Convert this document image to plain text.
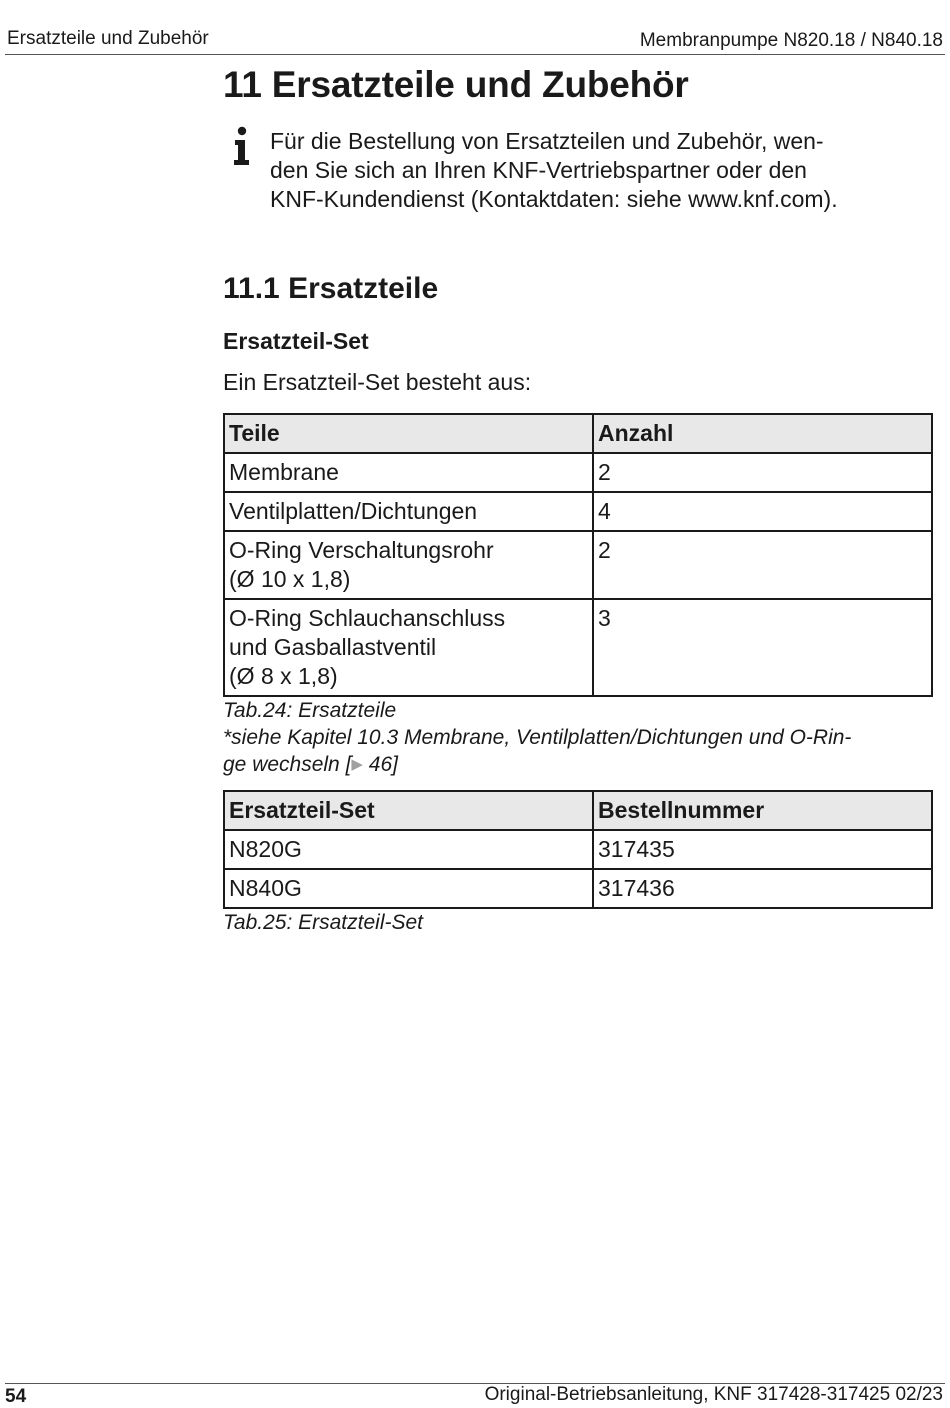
Ersatzteile und Zubehör	Membranpumpe N820.18 / N840.18
11 Ersatzteile und Zubehör

Für die Bestellung von Ersatzteilen und Zubehör, wen-
den Sie sich an Ihren KNF-Vertriebspartner oder den
KNF-Kundendienst (Kontaktdaten: siehe www.knf.com).

11.1 Ersatzteile
Ersatzteil-Set

Ein Ersatzteil-Set besteht aus:

Teile	Anzahl
Membrane	2
Ventilplatten/Dichtungen	4
O-Ring Verschaltungsrohr
(Ø 10 x 1,8)	2
O-Ring Schlauchanschluss
und Gasballastventil
(Ø 8 x 1,8)	3
Tab.24: Ersatzteile
*siehe Kapitel 10.3 Membrane, Ventilplatten/Dichtungen und O-Rin-
ge wechseln [▶ 46]
Ersatzteil-Set	Bestellnummer
N820G	317435
N840G	317436
Tab.25: Ersatzteil-Set
54	Original-Betriebsanleitung, KNF 317428-317425 02/23
